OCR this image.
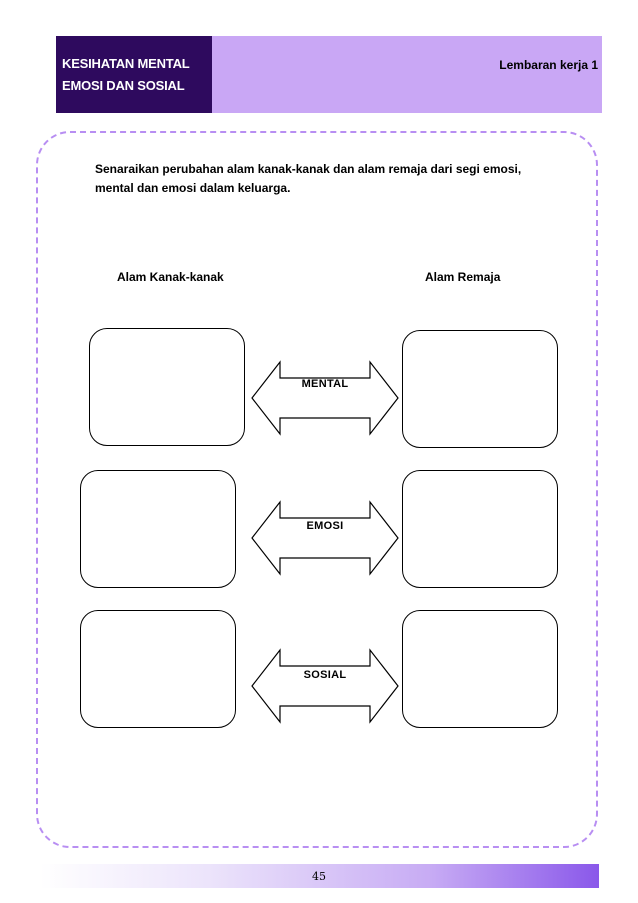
KESIHATAN MENTAL
EMOSI DAN SOSIAL
Lembaran kerja 1
Senaraikan perubahan alam kanak-kanak dan alam remaja dari segi emosi, mental dan emosi dalam keluarga.
Alam Kanak-kanak	Alam Remaja
MENTAL
EMOSI
SOSIAL
45
